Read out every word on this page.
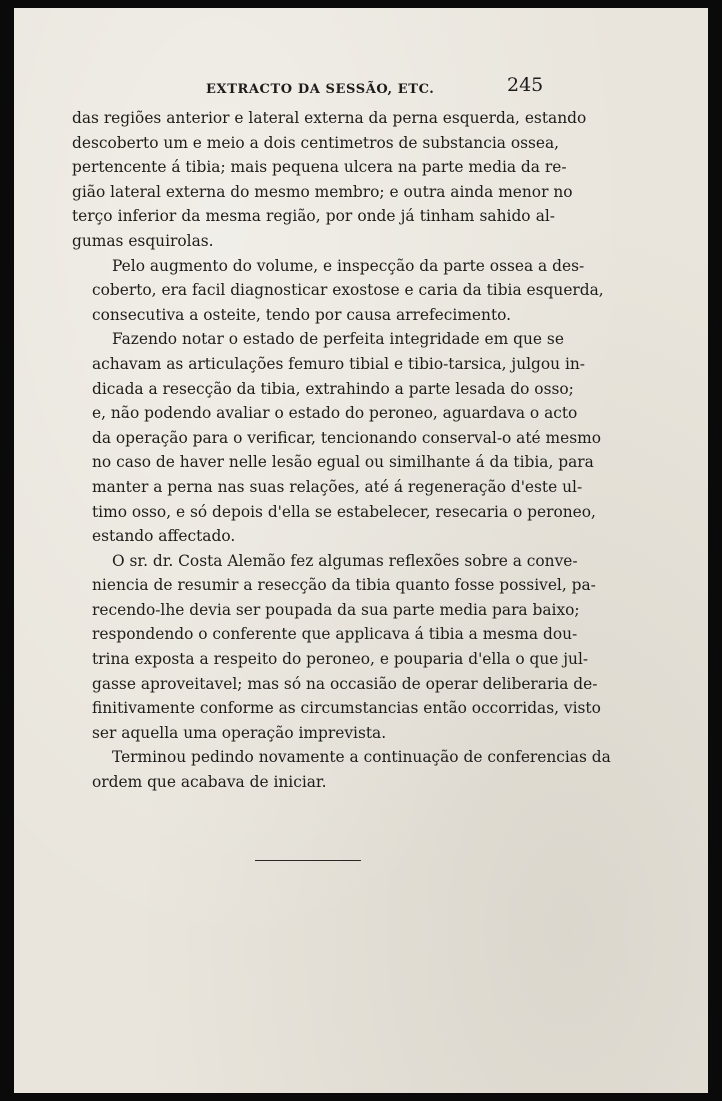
EXTRACTO DA SESSÃO, ETC.	245
das regiões anterior e lateral externa da perna esquerda, estando
descoberto um e meio a dois centimetros de substancia ossea,
pertencente á tibia; mais pequena ulcera na parte media da re-
gião lateral externa do mesmo membro; e outra ainda menor no
terço inferior da mesma região, por onde já tinham sahido al-
gumas esquirolas.
Pelo augmento do volume, e inspecção da parte ossea a des-
coberto, era facil diagnosticar exostose e caria da tibia esquerda,
consecutiva a osteite, tendo por causa arrefecimento.
Fazendo notar o estado de perfeita integridade em que se
achavam as articulações femuro tibial e tibio-tarsica, julgou in-
dicada a resecção da tibia, extrahindo a parte lesada do osso;
e, não podendo avaliar o estado do peroneo, aguardava o acto
da operação para o verificar, tencionando conserval-o até mesmo
no caso de haver nelle lesão egual ou similhante á da tibia, para
manter a perna nas suas relações, até á regeneração d'este ul-
timo osso, e só depois d'ella se estabelecer, resecaria o peroneo,
estando affectado.
O sr. dr. Costa Alemão fez algumas reflexões sobre a conve-
niencia de resumir a resecção da tibia quanto fosse possivel, pa-
recendo-lhe devia ser poupada da sua parte media para baixo;
respondendo o conferente que applicava á tibia a mesma dou-
trina exposta a respeito do peroneo, e pouparia d'ella o que jul-
gasse aproveitavel; mas só na occasião de operar deliberaria de-
finitivamente conforme as circumstancias então occorridas, visto
ser aquella uma operação imprevista.
Terminou pedindo novamente a continuação de conferencias da
ordem que acabava de iniciar.
